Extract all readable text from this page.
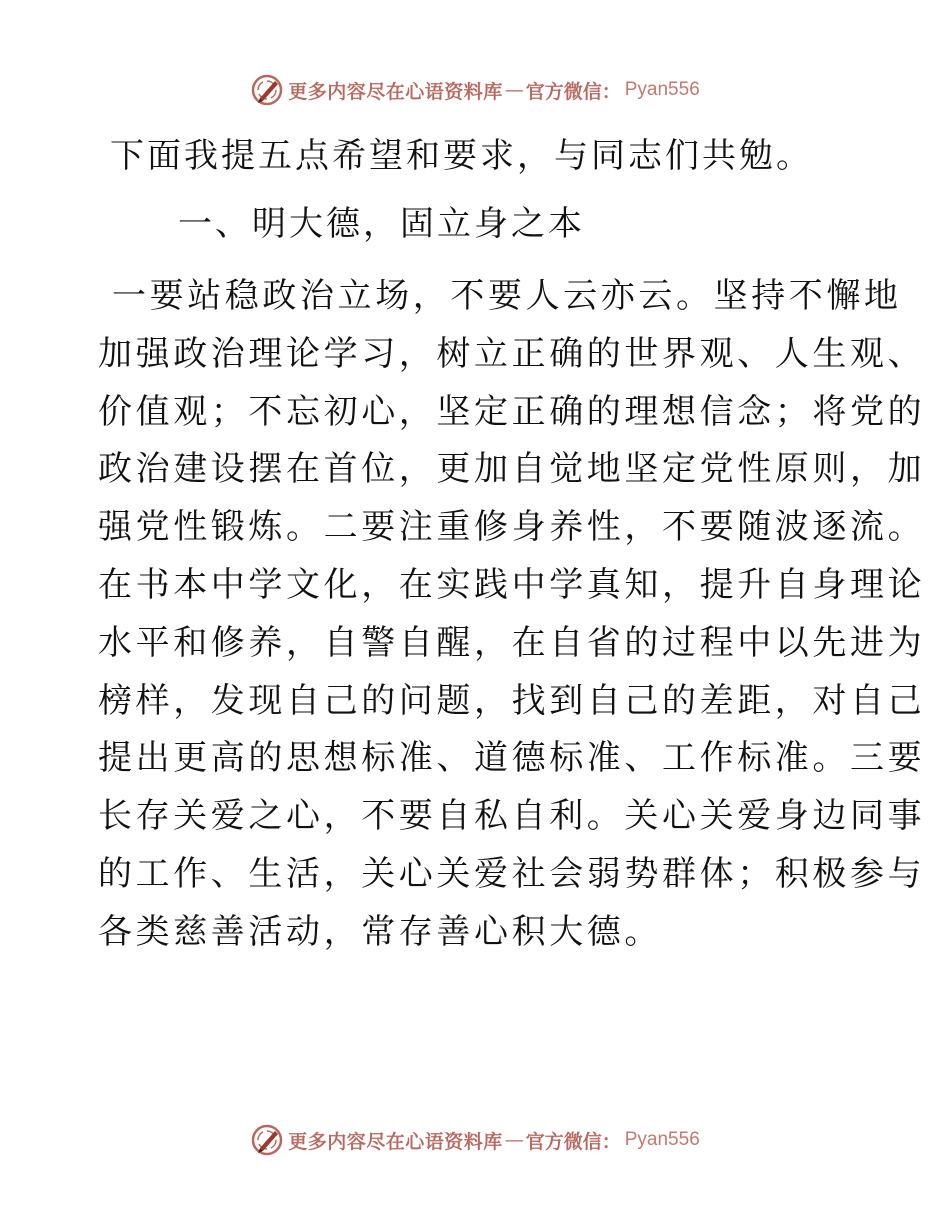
更多内容尽在心语资料库 — 官方微信： Pyan556
下面我提五点希望和要求，与同志们共勉。
一、明大德，固立身之本
一要站稳政治立场，不要人云亦云。坚持不懈地
加强政治理论学习，树立正确的世界观、人生观、
价值观；不忘初心，坚定正确的理想信念；将党的
政治建设摆在首位，更加自觉地坚定党性原则，加
强党性锻炼。二要注重修身养性，不要随波逐流。
在书本中学文化，在实践中学真知，提升自身理论
水平和修养，自警自醒，在自省的过程中以先进为
榜样，发现自己的问题，找到自己的差距，对自己
提出更高的思想标准、道德标准、工作标准。三要
长存关爱之心，不要自私自利。关心关爱身边同事
的工作、生活，关心关爱社会弱势群体；积极参与
各类慈善活动，常存善心积大德。
更多内容尽在心语资料库 — 官方微信： Pyan556
